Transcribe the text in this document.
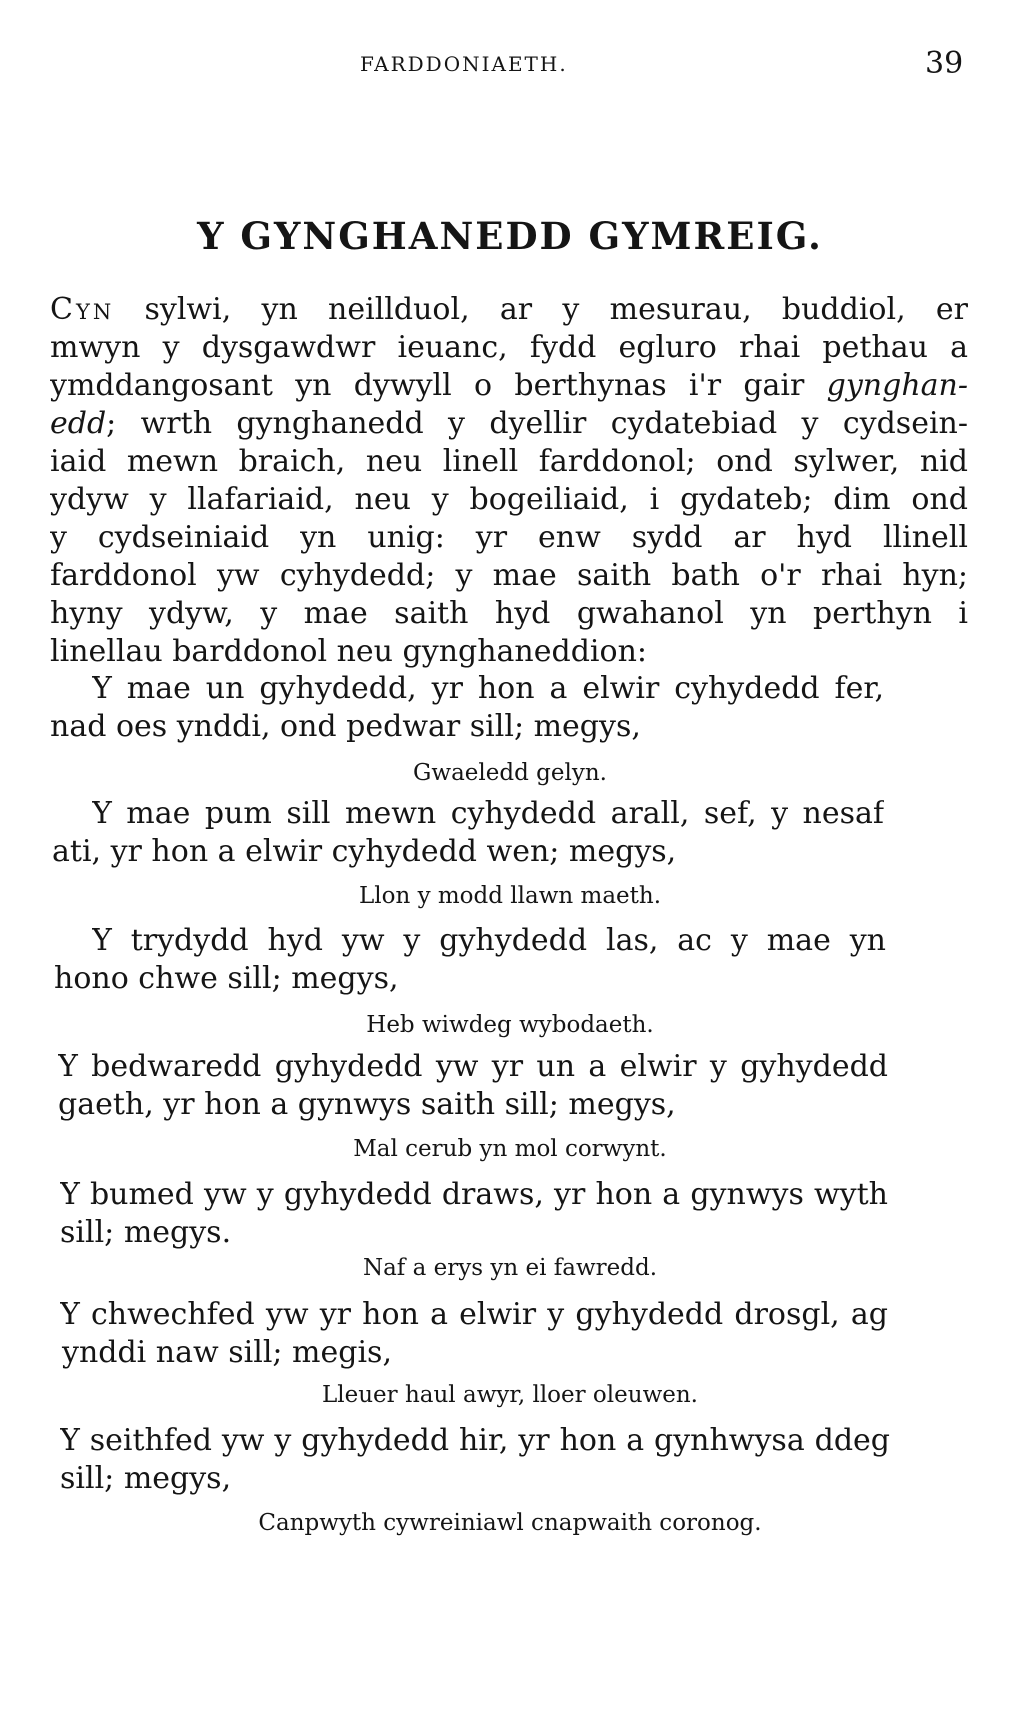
FARDDONIAETH.	39
Y GYNGHANEDD GYMREIG.
Cyn sylwi, yn neillduol, ar y mesurau, buddiol, er
mwyn y dysgawdwr ieuanc, fydd egluro rhai pethau a
ymddangosant yn dywyll o berthynas i'r gair gynghan-
edd; wrth gynghanedd y dyellir cydatebiad y cydsein-
iaid mewn braich, neu linell farddonol; ond sylwer, nid
ydyw y llafariaid, neu y bogeiliaid, i gydateb; dim ond
y cydseiniaid yn unig: yr enw sydd ar hyd llinell
farddonol yw cyhydedd; y mae saith bath o'r rhai hyn;
hyny ydyw, y mae saith hyd gwahanol yn perthyn i
linellau barddonol neu gynghaneddion:
Y mae un gyhydedd, yr hon a elwir cyhydedd fer,
nad oes ynddi, ond pedwar sill; megys,
Gwaeledd gelyn.
Y mae pum sill mewn cyhydedd arall, sef, y nesaf
ati, yr hon a elwir cyhydedd wen; megys,
Llon y modd llawn maeth.
Y trydydd hyd yw y gyhydedd las, ac y mae yn
hono chwe sill; megys,
Heb wiwdeg wybodaeth.
Y bedwaredd gyhydedd yw yr un a elwir y gyhydedd
gaeth, yr hon a gynwys saith sill; megys,
Mal cerub yn mol corwynt.
Y bumed yw y gyhydedd draws, yr hon a gynwys wyth
sill; megys.
Naf a erys yn ei fawredd.
Y chwechfed yw yr hon a elwir y gyhydedd drosgl, ag
ynddi naw sill; megis,
Lleuer haul awyr, lloer oleuwen.
Y seithfed yw y gyhydedd hir, yr hon a gynhwysa ddeg
sill; megys,
Canpwyth cywreiniawl cnapwaith coronog.
